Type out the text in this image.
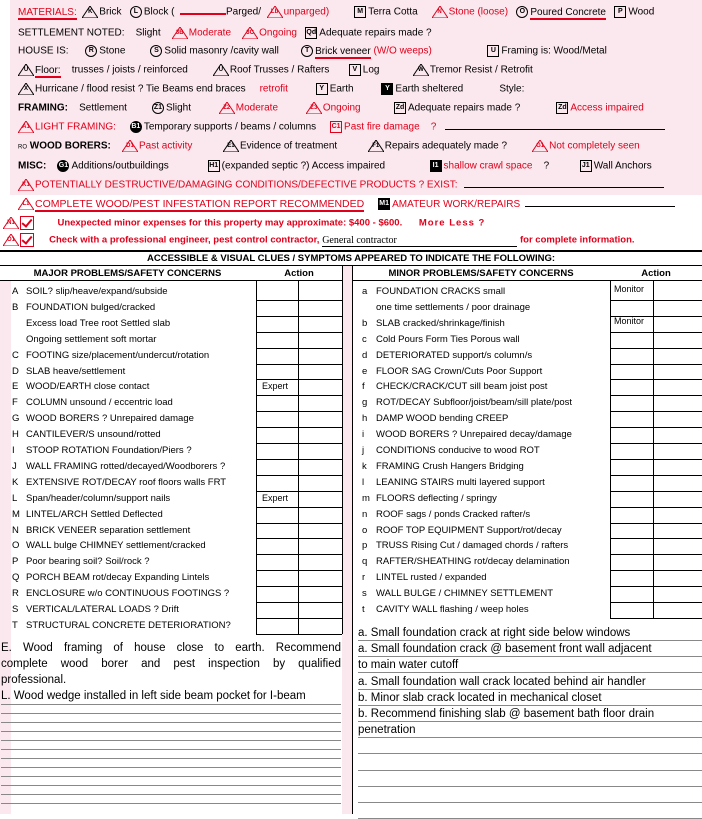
MATERIALS:	K Brick L Block (	Parged/	Lb unparged)	M Terra Cotta	N Stone (loose) O Poured Concrete P Wood
SETTLEMENT NOTED: Slight	3B Moderate	3C Ongoing Qd Adequate repairs made ?
HOUSE IS:	R Stone	S Solid masonry /cavity wall	T Brick veneer (W/O weeps)	U Framing is: Wood/Metal
U Floor: trusses / joists / reinforced	U Roof Trusses / Rafters	V Log	W Tremor Resist / Retrofit
X Hurricane / flood resist ? Tie Beams end braces retrofit	Y Earth	Y Earth sheltered	Style:
FRAMING: Settlement	Z1 Slight	Z2 Moderate	Z3 Ongoing	Zd Adequate repairs made ?	Zd Access impaired
A1 LIGHT FRAMING: B1 Temporary supports / beams / columns C1 Past fire damage ?
RO WOOD BORERS:	D1 Past activity	E1 Evidence of treatment	F1 Repairs adequately made ?	G1 Not completely seen
MISC: G1 Additions/outbuildings	H1 (expanded septic ?) Access impaired	I1 shallow crawl space ?	J1 Wall Anchors
K1 POTENTIALLY DESTRUCTIVE/DAMAGING CONDITIONS/DEFECTIVE PRODUCTS ? EXIST:
L1 COMPLETE WOOD/PEST INFESTATION REPORT RECOMMENDED M1 AMATEUR WORK/REPAIRS
N1	Unexpected minor expenses for this property may approximate: $400 - $600. More Less ?
O1	Check with a professional engineer, pest control contractor, General contractor	for complete information.
ACCESSIBLE & VISUAL CLUES / SYMPTOMS APPEARED TO INDICATE THE FOLLOWING:
MAJOR PROBLEMS/SAFETY CONCERNS	Action	MINOR PROBLEMS/SAFETY CONCERNS	Action
A SOIL? slip/heave/expand/subside
B FOUNDATION bulged/cracked
Excess load Tree root Settled slab
Ongoing settlement soft mortar
C FOOTING size/placement/undercut/rotation
D SLAB heave/settlement
E WOOD/EARTH close contact	Expert
F COLUMN unsound / eccentric load
G WOOD BORERS ? Unrepaired damage
H CANTILEVER/S unsound/rotted
I STOOP ROTATION Foundation/Piers ?
J WALL FRAMING rotted/decayed/Woodborers ?
K EXTENSIVE ROT/DECAY roof floors walls FRT
L Span/header/column/support nails	Expert
M LINTEL/ARCH Settled Deflected
N BRICK VENEER separation settlement
O WALL bulge CHIMNEY settlement/cracked
P Poor bearing soil? Soil/rock ?
Q PORCH BEAM rot/decay Expanding Lintels
R ENCLOSURE w/o CONTINUOUS FOOTINGS ?
S VERTICAL/LATERAL LOADS ? Drift
T STRUCTURAL CONCRETE DETERIORATION?
a FOUNDATION CRACKS small	Monitor
one time settlements / poor drainage
b SLAB cracked/shrinkage/finish	Monitor
c Cold Pours Form Ties Porous wall
d DETERIORATED support/s column/s
e FLOOR SAG Crown/Cuts Poor Support
f CHECK/CRACK/CUT sill beam joist post
g ROT/DECAY Subfloor/joist/beam/sill plate/post
h DAMP WOOD bending CREEP
i WOOD BORERS ? Unrepaired decay/damage
j CONDITIONS conducive to wood ROT
k FRAMING Crush Hangers Bridging
l LEANING STAIRS multi layered support
m FLOORS deflecting / springy
n ROOF sags / ponds Cracked rafter/s
o ROOF TOP EQUIPMENT Support/rot/decay
p TRUSS Rising Cut / damaged chords / rafters
q RAFTER/SHEATHING rot/decay delamination
r LINTEL rusted / expanded
s WALL BULGE / CHIMNEY SETTLEMENT
t CAVITY WALL flashing / weep holes
E. Wood framing of house close to earth. Recommend
complete wood borer and pest inspection by qualified
professional.
L. Wood wedge installed in left side beam pocket for I-beam
a. Small foundation crack at right side below windows
a. Small foundation crack @ basement front wall adjacent
to main water cutoff
a. Small foundation wall crack located behind air handler
b. Minor slab crack located in mechanical closet
b. Recommend finishing slab @ basement bath floor drain
penetration
